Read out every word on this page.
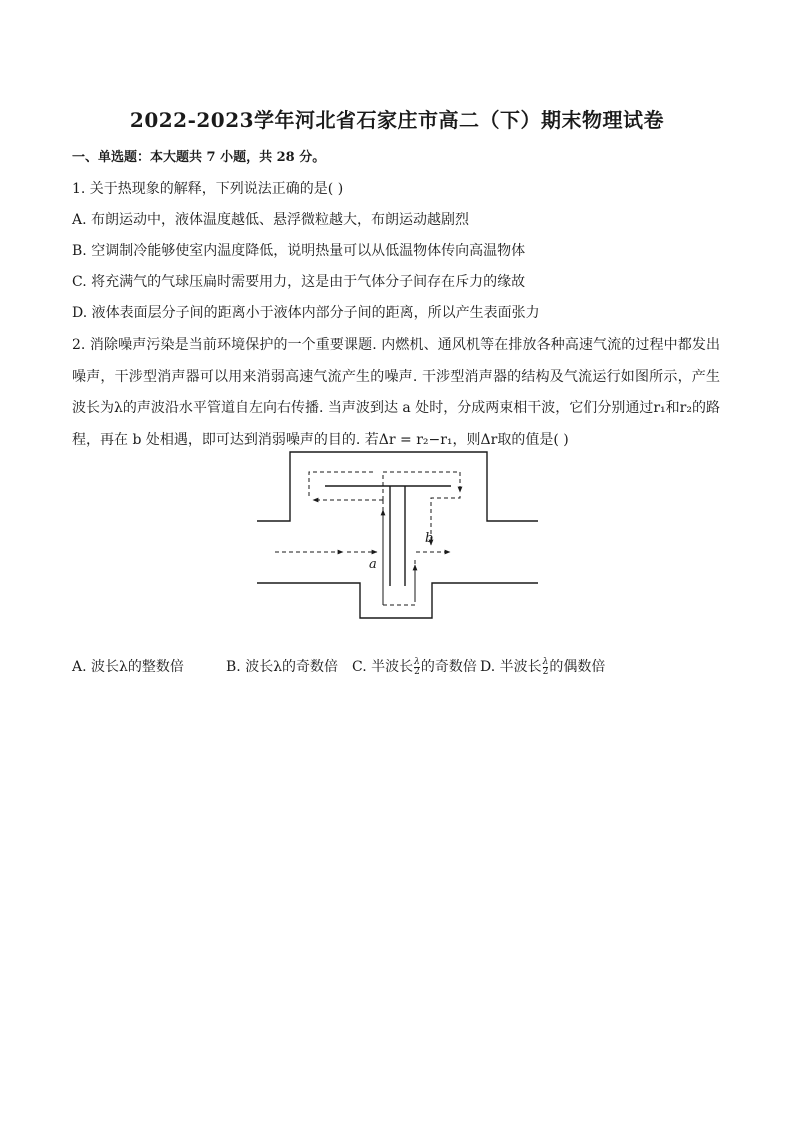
2022-2023学年河北省石家庄市高二（下）期末物理试卷
一、单选题：本大题共 7 小题，共 28 分。
1. 关于热现象的解释，下列说法正确的是( )
A. 布朗运动中，液体温度越低、悬浮微粒越大，布朗运动越剧烈
B. 空调制冷能够使室内温度降低，说明热量可以从低温物体传向高温物体
C. 将充满气的气球压扁时需要用力，这是由于气体分子间存在斥力的缘故
D. 液体表面层分子间的距离小于液体内部分子间的距离，所以产生表面张力
2. 消除噪声污染是当前环境保护的一个重要课题. 内燃机、通风机等在排放各种高速气流的过程中都发出噪声，干涉型消声器可以用来消弱高速气流产生的噪声. 干涉型消声器的结构及气流运行如图所示，产生波长为λ的声波沿水平管道自左向右传播. 当声波到达 a 处时，分成两束相干波，它们分别通过r₁和r₂的路程，再在 b 处相遇，即可达到消弱噪声的目的. 若Δr = r₂−r₁，则Δr取的值是( )
b
a
A. 波长λ的整数倍	B. 波长λ的奇数倍 C. 半波长$\frac{\lambda}{2}$ 的奇数倍 D. 半波长$\frac{\lambda}{2}$ 的偶数倍
